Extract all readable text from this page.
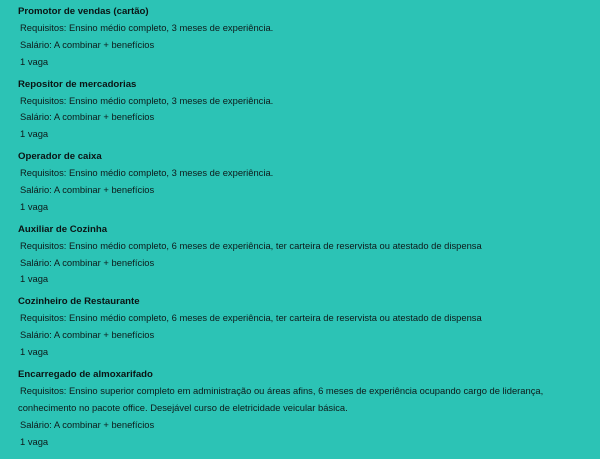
Promotor de vendas (cartão)
Requisitos: Ensino médio completo, 3 meses de experiência.
Salário: A combinar + benefícios
1 vaga
Repositor de mercadorias
Requisitos: Ensino médio completo, 3 meses de experiência.
Salário: A combinar + benefícios
1 vaga
Operador de caixa
Requisitos: Ensino médio completo, 3 meses de experiência.
Salário: A combinar + benefícios
1 vaga
Auxiliar de Cozinha
Requisitos: Ensino médio completo, 6 meses de experiência, ter carteira de reservista ou atestado de dispensa
Salário: A combinar + benefícios
1 vaga
Cozinheiro de Restaurante
Requisitos: Ensino médio completo, 6 meses de experiência, ter carteira de reservista ou atestado de dispensa
Salário: A combinar + benefícios
1 vaga
Encarregado de almoxarifado
Requisitos: Ensino superior completo em administração ou áreas afins, 6 meses de experiência ocupando cargo de liderança,
conhecimento no pacote office. Desejável curso de eletricidade veicular básica.
Salário: A combinar + benefícios
1 vaga
